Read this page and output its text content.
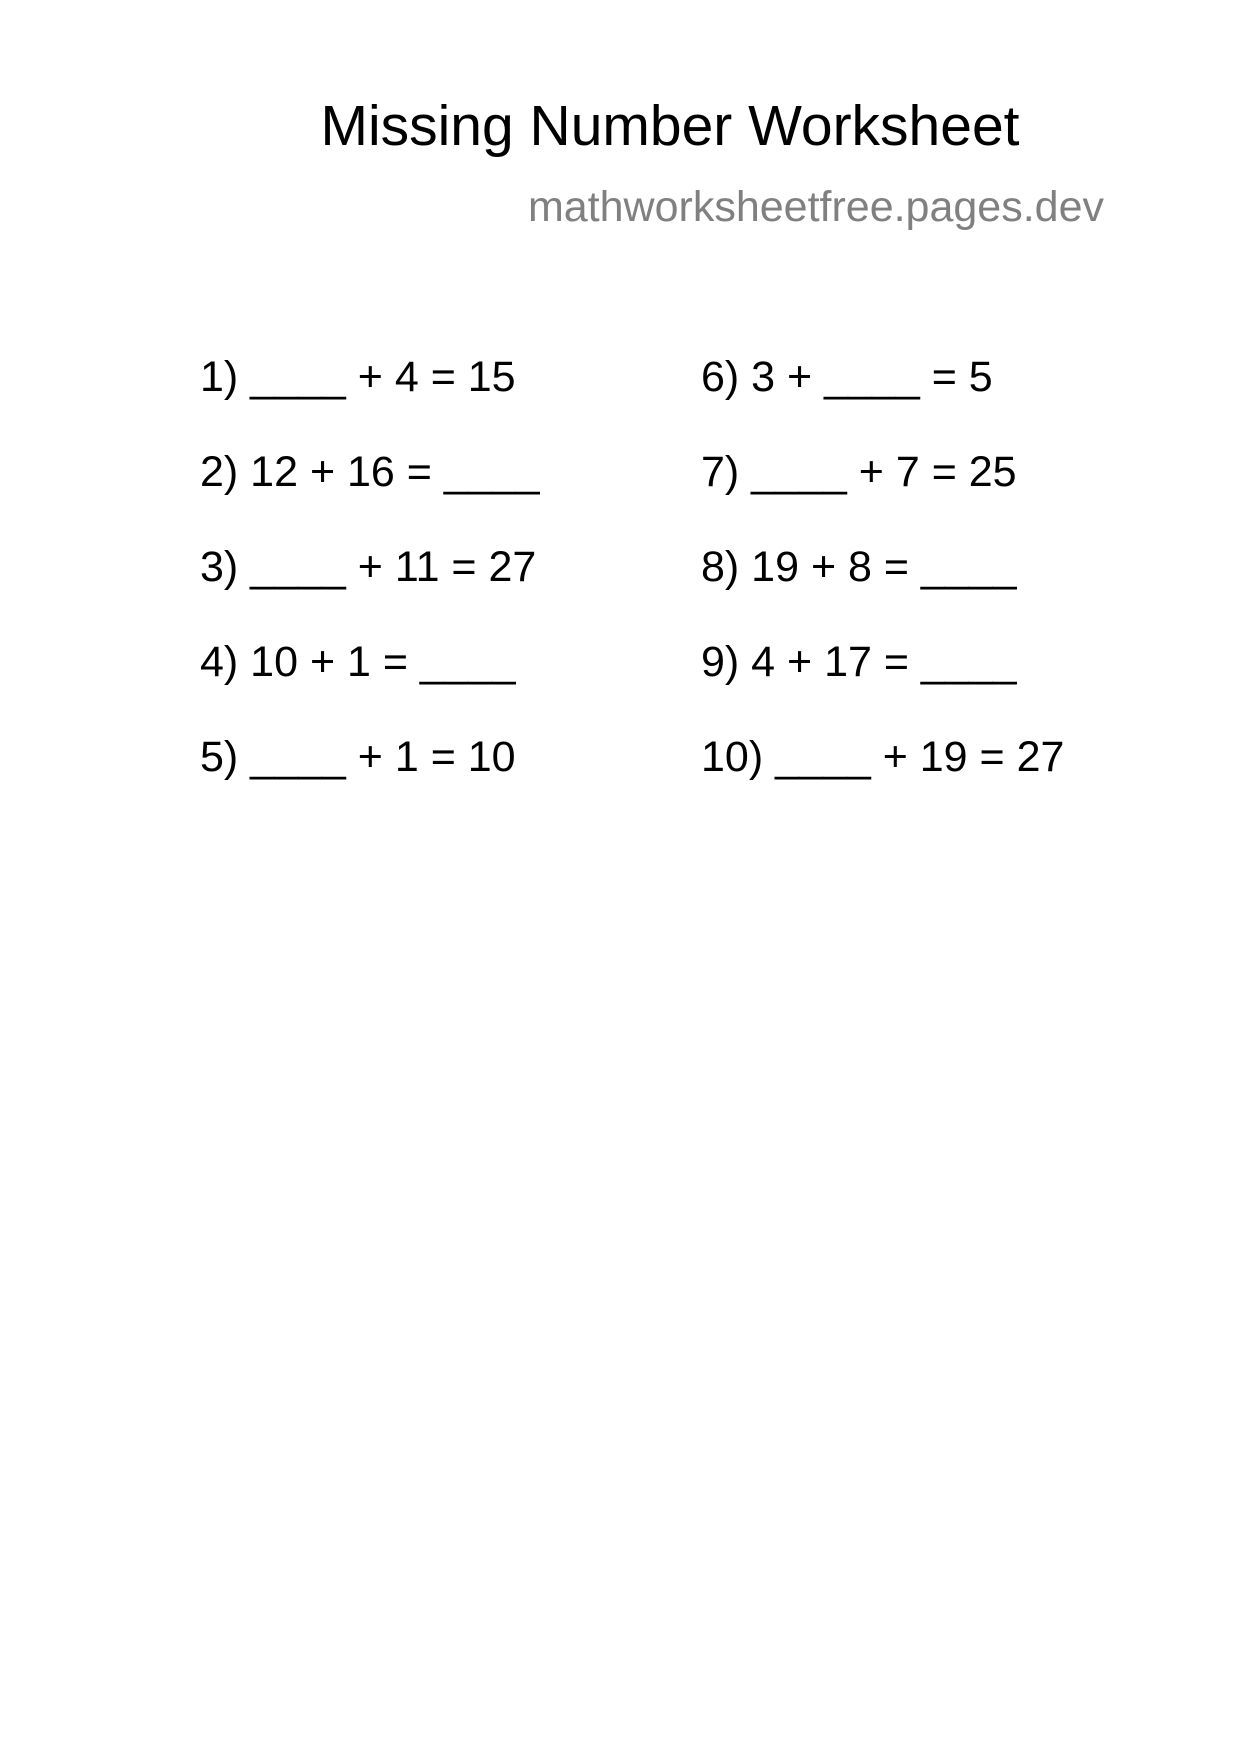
Missing Number Worksheet
mathworksheetfree.pages.dev
1) ____ + 4 = 15
2) 12 + 16 = ____
3) ____ + 11 = 27
4) 10 + 1 = ____
5) ____ + 1 = 10
6) 3 + ____ = 5
7) ____ + 7 = 25
8) 19 + 8 = ____
9) 4 + 17 = ____
10) ____ + 19 = 27
